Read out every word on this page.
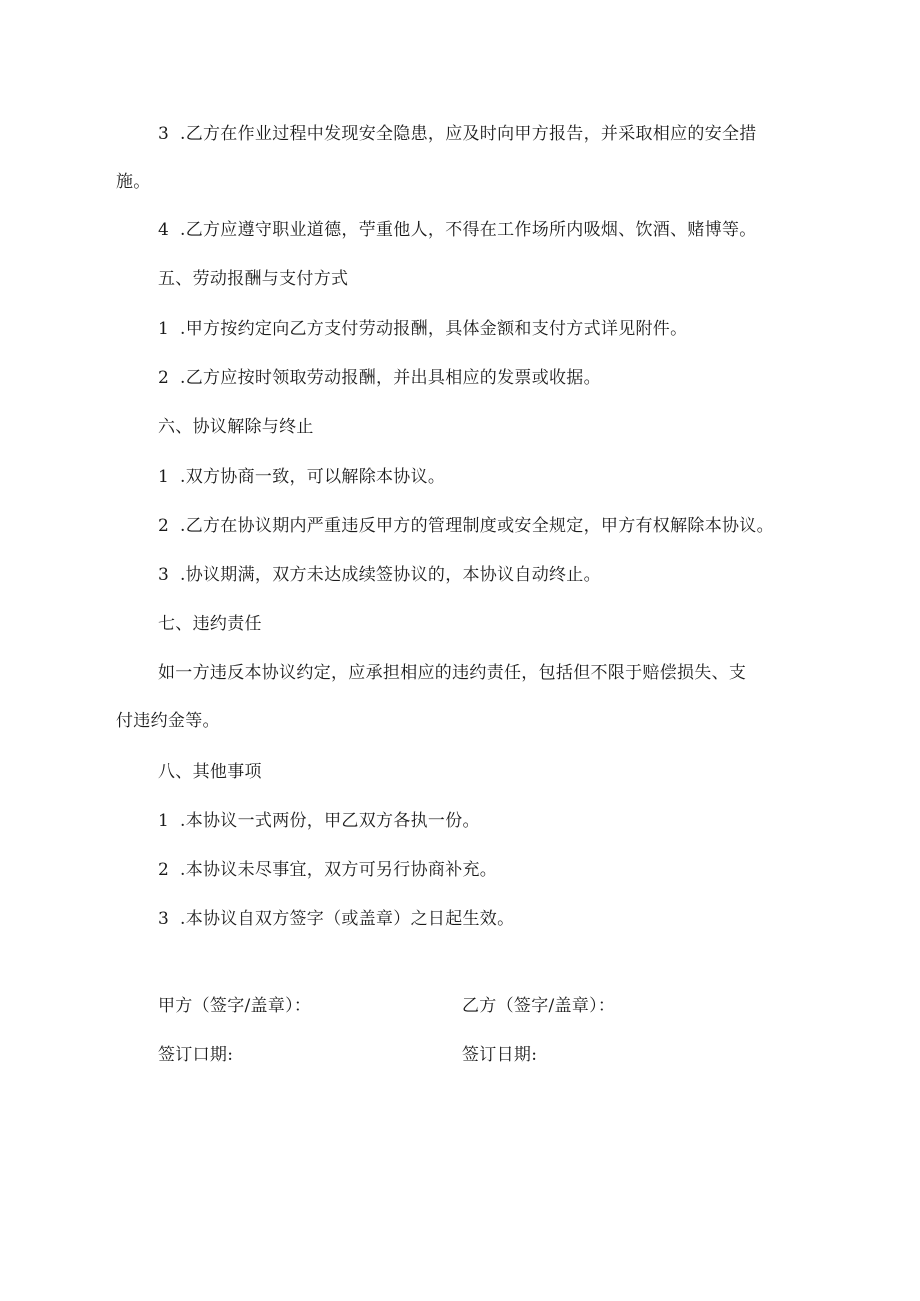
3 .乙方在作业过程中发现安全隐患，应及时向甲方报告，并采取相应的安全措
施。
4 .乙方应遵守职业道德，苧重他人，不得在工作场所内吸烟、饮酒、赌博等。
五、劳动报酬与支付方式
1 .甲方按约定向乙方支付劳动报酬，具体金额和支付方式详见附件。
2 .乙方应按时领取劳动报酬，并出具相应的发票或收据。
六、协议解除与终止
1 .双方协商一致，可以解除本协议。
2 .乙方在协议期内严重违反甲方的管理制度或安全规定，甲方有权解除本协议。
3 .协议期满，双方未达成续签协议的，本协议自动终止。
七、违约责任
如一方违反本协议约定，应承担相应的违约责任，包括但不限于赔偿损失、支
付违约金等。
八、其他事项
1 .本协议一式两份，甲乙双方各执一份。
2 .本协议未尽事宜，双方可另行协商补充。
3 .本协议自双方签字（或盖章）之日起生效。
甲方（签字/盖章）：	乙方（签字/盖章）：
签订口期:	签订日期:
